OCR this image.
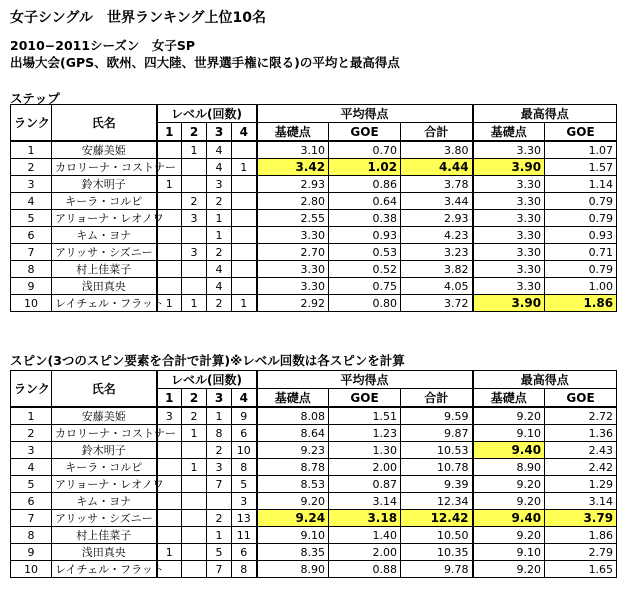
女子シングル　世界ランキング上位10名
2010−2011シーズン　女子SP
出場大会(GPS、欧州、四大陸、世界選手権に限る)の平均と最高得点
ステップ
ランク	氏名	レベル(回数)				平均得点			最高得点	
		1	2	3	4	基礎点	GOE	合計	基礎点	GOE
1	安藤美姫		1	4		3.10	0.70	3.80	3.30	1.07
2	カロリーナ・コストナー			4	1	3.42	1.02	4.44	3.90	1.57
3	鈴木明子	1		3		2.93	0.86	3.78	3.30	1.14
4	キーラ・コルピ		2	2		2.80	0.64	3.44	3.30	0.79
5	アリョーナ・レオノワ		3	1		2.55	0.38	2.93	3.30	0.79
6	キム・ヨナ			1		3.30	0.93	4.23	3.30	0.93
7	アリッサ・シズニー		3	2		2.70	0.53	3.23	3.30	0.71
8	村上佳菜子			4		3.30	0.52	3.82	3.30	0.79
9	浅田真央			4		3.30	0.75	4.05	3.30	1.00
10	レイチェル・フラット	1	1	2	1	2.92	0.80	3.72	3.90	1.86
スピン(3つのスピン要素を合計で計算)※レベル回数は各スピンを計算
ランク	氏名	レベル(回数)				平均得点			最高得点	
		1	2	3	4	基礎点	GOE	合計	基礎点	GOE
1	安藤美姫	3	2	1	9	8.08	1.51	9.59	9.20	2.72
2	カロリーナ・コストナー		1	8	6	8.64	1.23	9.87	9.10	1.36
3	鈴木明子			2	10	9.23	1.30	10.53	9.40	2.43
4	キーラ・コルピ		1	3	8	8.78	2.00	10.78	8.90	2.42
5	アリョーナ・レオノワ			7	5	8.53	0.87	9.39	9.20	1.29
6	キム・ヨナ				3	9.20	3.14	12.34	9.20	3.14
7	アリッサ・シズニー			2	13	9.24	3.18	12.42	9.40	3.79
8	村上佳菜子			1	11	9.10	1.40	10.50	9.20	1.86
9	浅田真央	1		5	6	8.35	2.00	10.35	9.10	2.79
10	レイチェル・フラット			7	8	8.90	0.88	9.78	9.20	1.65
